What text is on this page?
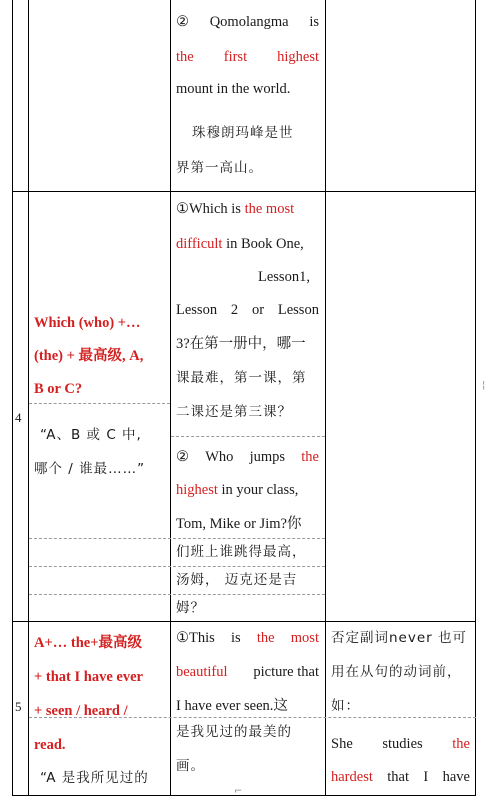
② Qomolangma is
the first highest
mount in the world.
珠穆朗玛峰是世
界第一高山。
4
Which (who) +…
(the) + 最高级, A,
B or C?
“A、B 或 C 中,
哪个 / 谁最……”
①Which is the most
difficult in Book One,
Lesson1,
Lesson 2 or Lesson
3?在第一册中，哪一
课最难，第一课，第
二课还是第三课？
② Who jumps the
highest in your class,
Tom, Mike or Jim?你
们班上谁跳得最高，
汤姆， 迈克还是吉
姆？
5
A+… the+最高级
+ that I have ever
+ seen / heard /
read.
“A 是我所见过的
①This is the most
beautiful picture that
I have ever seen.这
是我见过的最美的
画。
否定副词never 也可
用在从句的动词前，
如：
She studies the
hardest that I have
¦
⌐
